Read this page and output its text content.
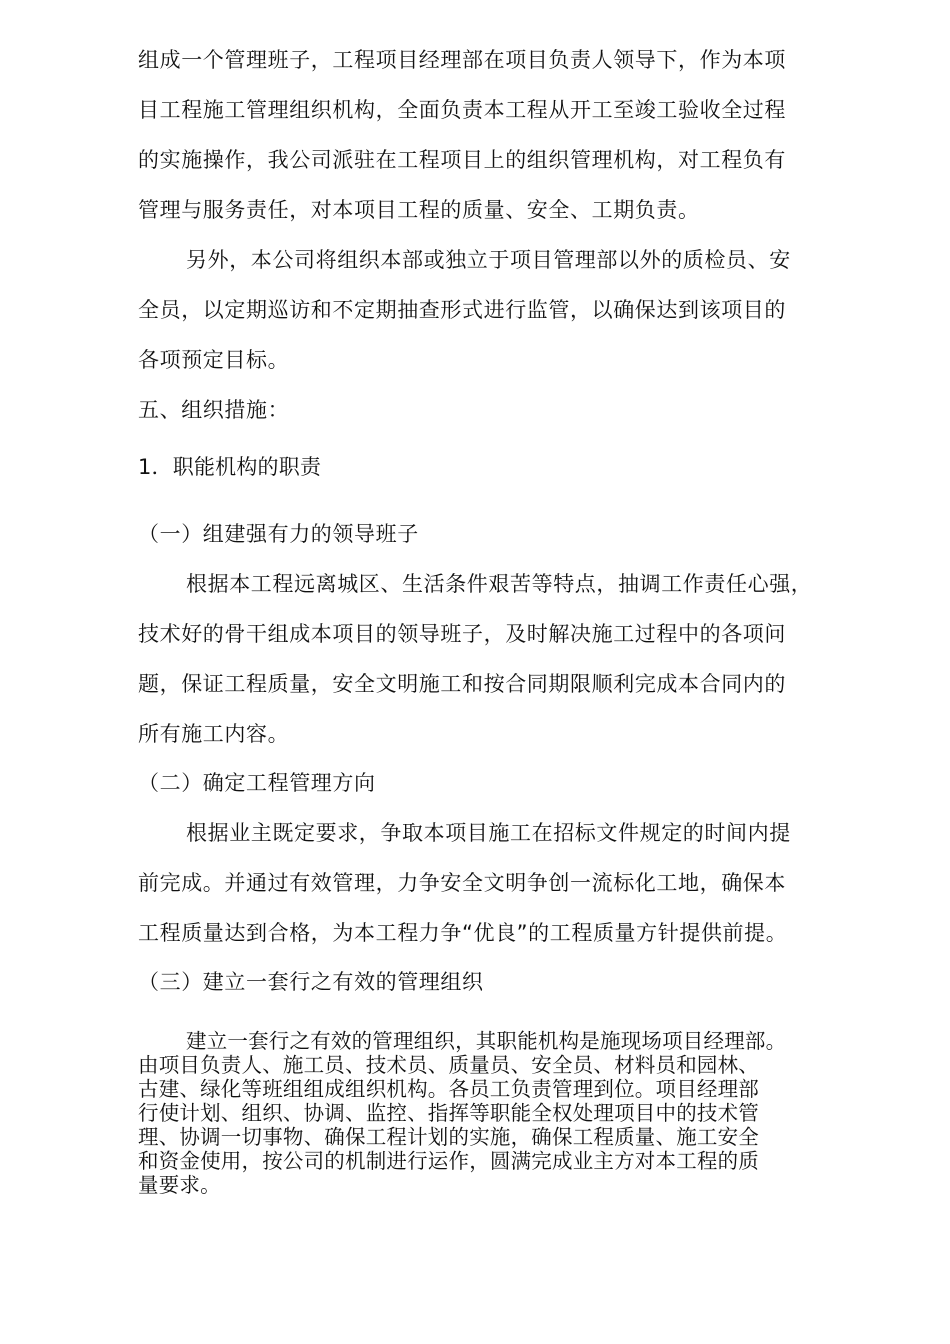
组成一个管理班子，工程项目经理部在项目负责人领导下，作为本项
目工程施工管理组织机构，全面负责本工程从开工至竣工验收全过程
的实施操作，我公司派驻在工程项目上的组织管理机构，对工程负有
管理与服务责任，对本项目工程的质量、安全、工期负责。
另外，本公司将组织本部或独立于项目管理部以外的质检员、安
全员，以定期巡访和不定期抽查形式进行监管，以确保达到该项目的
各项预定目标。
五、组织措施：
1．职能机构的职责
（一）组建强有力的领导班子
根据本工程远离城区、生活条件艰苦等特点，抽调工作责任心强，
技术好的骨干组成本项目的领导班子，及时解决施工过程中的各项问
题，保证工程质量，安全文明施工和按合同期限顺利完成本合同内的
所有施工内容。
（二）确定工程管理方向
根据业主既定要求，争取本项目施工在招标文件规定的时间内提
前完成。并通过有效管理，力争安全文明争创一流标化工地，确保本
工程质量达到合格，为本工程力争“优良”的工程质量方针提供前提。
（三）建立一套行之有效的管理组织
建立一套行之有效的管理组织，其职能机构是施现场项目经理部。
由项目负责人、施工员、技术员、质量员、安全员、材料员和园林、
古建、绿化等班组组成组织机构。各员工负责管理到位。项目经理部
行使计划、组织、协调、监控、指挥等职能全权处理项目中的技术管
理、协调一切事物、确保工程计划的实施，确保工程质量、施工安全
和资金使用，按公司的机制进行运作，圆满完成业主方对本工程的质
量要求。
